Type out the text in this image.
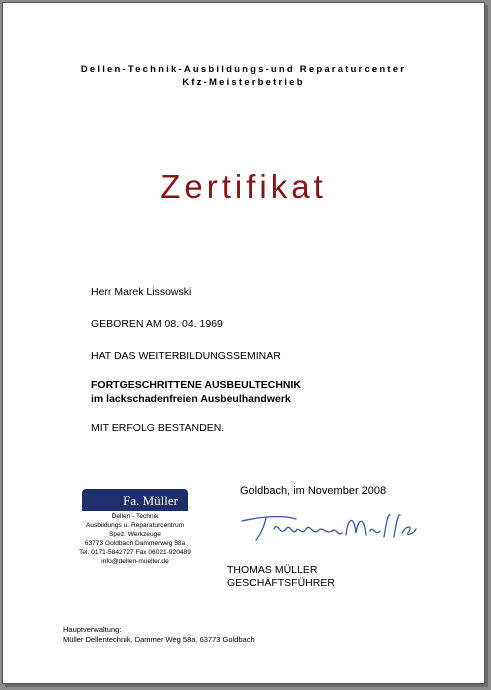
Dellen-Technik-Ausbildungs-und Reparaturcenter
Kfz-Meisterbetrieb
Zertifikat
Herr Marek Lissowski
GEBOREN AM 08. 04. 1969
HAT DAS WEITERBILDUNGSSEMINAR
FORTGESCHRITTENE AUSBEULTECHNIK
im lackschadenfreien Ausbeulhandwerk
MIT ERFOLG BESTANDEN.
Fa. Müller
Dellen - Technik
Ausbildungs u. Reparaturcentrum
Spez. Werkzeuge
63773 Goldbach Dammerweg 58a
Tel. 0171-5842727 Fax 06021-920489
info@dellen-mueller.de
Goldbach, im November 2008
THOMAS MÜLLER
GESCHÄFTSFÜHRER
Hauptverwaltung:
Müller Dellentechnik, Dammer Weg 58a, 63773 Goldbach
